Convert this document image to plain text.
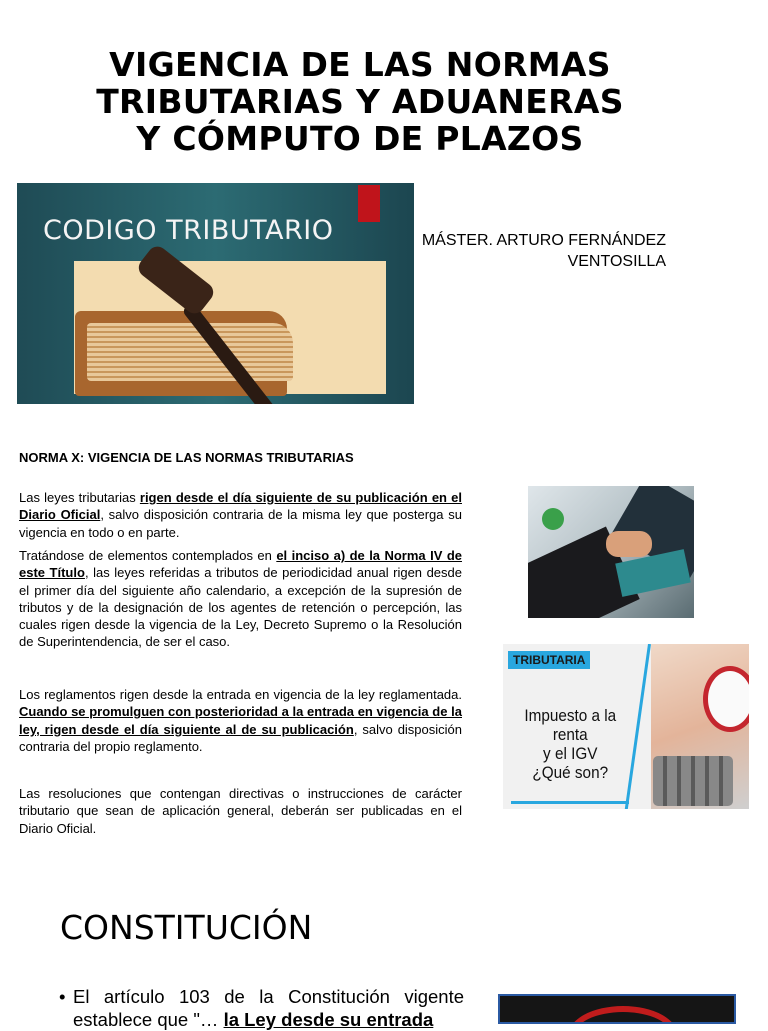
VIGENCIA DE LAS NORMAS
TRIBUTARIAS Y ADUANERAS
Y CÓMPUTO DE PLAZOS
CODIGO TRIBUTARIO	MÁSTER. ARTURO FERNÁNDEZ
VENTOSILLA
NORMA X: VIGENCIA DE LAS NORMAS TRIBUTARIAS
Las leyes tributarias rigen desde el día siguiente de su publicación en el Diario Oficial, salvo disposición contraria de la misma ley que posterga su vigencia en todo o en parte.
Tratándose de elementos contemplados en el inciso a) de la Norma IV de este Título, las leyes referidas a tributos de periodicidad anual rigen desde el primer día del siguiente año calendario, a excepción de la supresión de tributos y de la designación de los agentes de retención o percepción, las cuales rigen desde la vigencia de la Ley, Decreto Supremo o la Resolución de Superintendencia, de ser el caso.
Los reglamentos rigen desde la entrada en vigencia de la ley reglamentada. Cuando se promulguen con posterioridad a la entrada en vigencia de la ley, rigen desde el día siguiente al de su publicación, salvo disposición contraria del propio reglamento.
Las resoluciones que contengan directivas o instrucciones de carácter tributario que sean de aplicación general, deberán ser publicadas en el Diario Oficial.
TRIBUTARIA
Impuesto a la renta
y el IGV
¿Qué son?
CONSTITUCIÓN
• El artículo 103 de la Constitución vigente establece que "… la Ley desde su entrada
